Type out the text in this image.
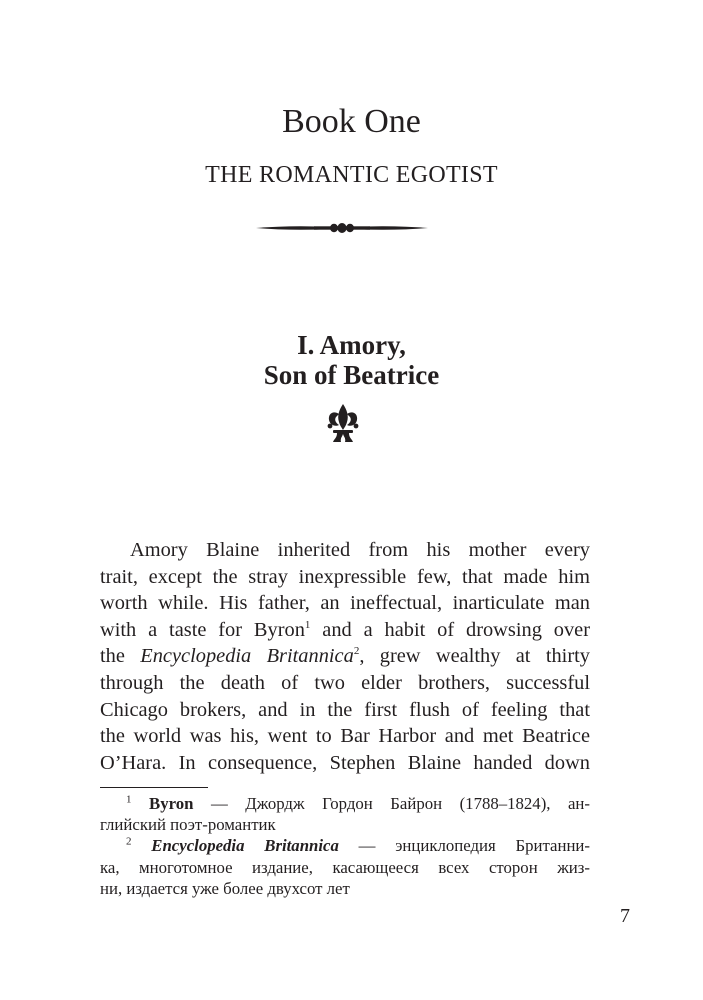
Book One
THE ROMANTIC EGOTIST
I. Amory,
Son of Beatrice
Amory Blaine inherited from his mother every
trait, except the stray inexpressible few, that made him
worth while. His father, an ineffectual, inarticulate man
with a taste for Byron$^1$ and a habit of drowsing over
the Encyclopedia Britannica$^2$, grew wealthy at thirty
through the death of two elder brothers, successful
Chicago brokers, and in the first flush of feeling that
the world was his, went to Bar Harbor and met Beatrice
O’Hara. In consequence, Stephen Blaine handed down
$^1$ Byron — Джордж Гордон Байрон (1788–1824), ан-
глийский поэт-романтик
$^2$ Encyclopedia Britannica — энциклопедия Британни-
ка, многотомное издание, касающееся всех сторон жиз-
ни, издается уже более двухсот лет
7
